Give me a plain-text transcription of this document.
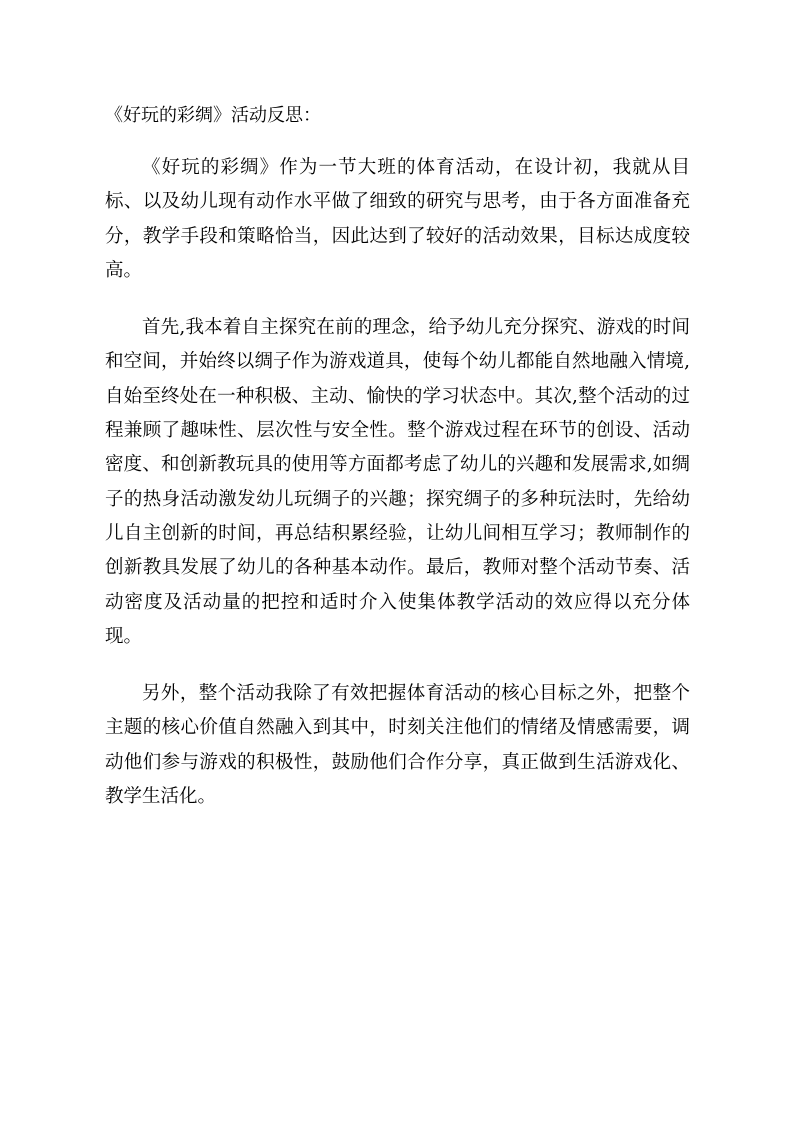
《好玩的彩绸》活动反思：

《好玩的彩绸》作为一节大班的体育活动，在设计初，我就从目标、以及幼儿现有动作水平做了细致的研究与思考，由于各方面准备充分，教学手段和策略恰当，因此达到了较好的活动效果，目标达成度较高。

首先,我本着自主探究在前的理念，给予幼儿充分探究、游戏的时间和空间，并始终以绸子作为游戏道具，使每个幼儿都能自然地融入情境,自始至终处在一种积极、主动、愉快的学习状态中。其次,整个活动的过程兼顾了趣味性、层次性与安全性。整个游戏过程在环节的创设、活动密度、和创新教玩具的使用等方面都考虑了幼儿的兴趣和发展需求,如绸子的热身活动激发幼儿玩绸子的兴趣；探究绸子的多种玩法时，先给幼儿自主创新的时间，再总结积累经验，让幼儿间相互学习；教师制作的创新教具发展了幼儿的各种基本动作。最后，教师对整个活动节奏、活动密度及活动量的把控和适时介入使集体教学活动的效应得以充分体现。

另外，整个活动我除了有效把握体育活动的核心目标之外，把整个主题的核心价值自然融入到其中，时刻关注他们的情绪及情感需要，调动他们参与游戏的积极性，鼓励他们合作分享，真正做到生活游戏化、教学生活化。
